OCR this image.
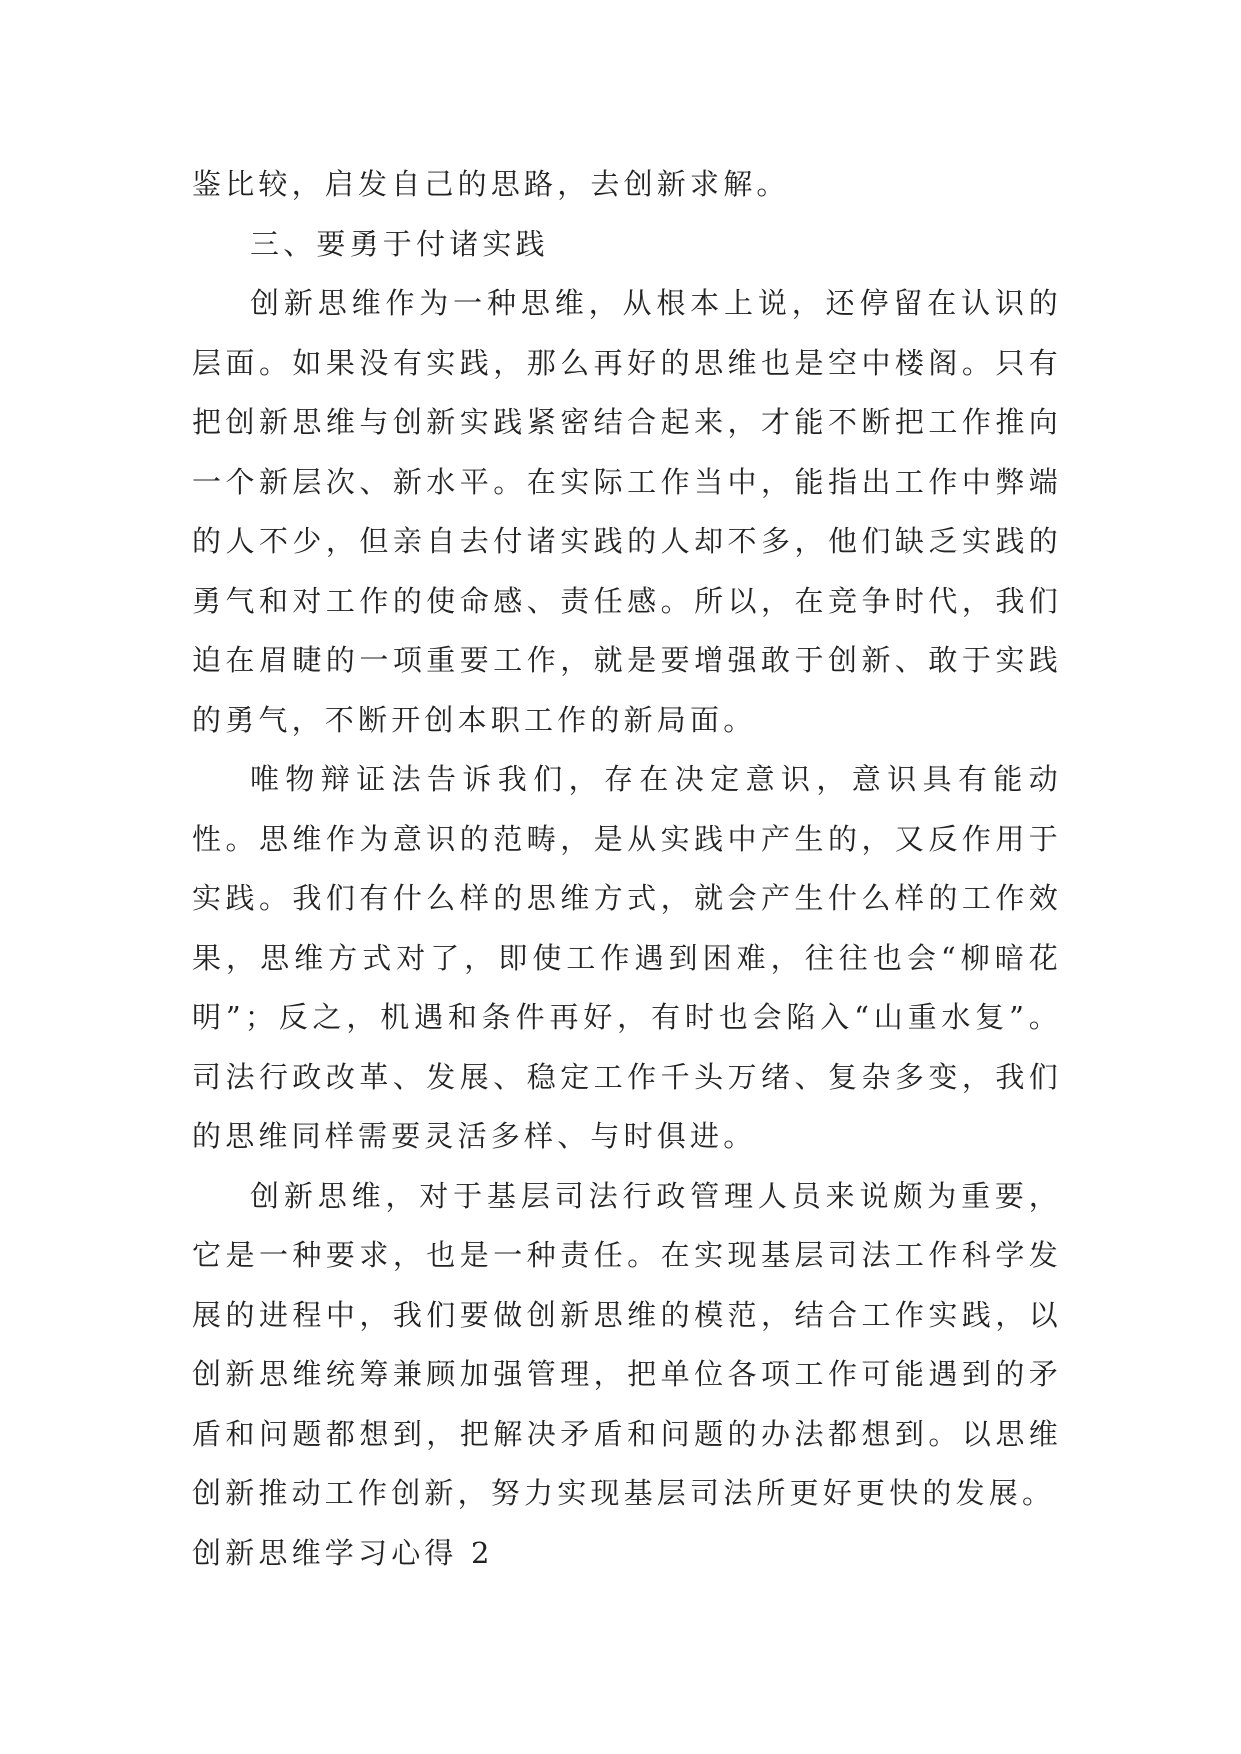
鉴比较，启发自己的思路，去创新求解。

三、要勇于付诸实践

创新思维作为一种思维，从根本上说，还停留在认识的层面。如果没有实践，那么再好的思维也是空中楼阁。只有把创新思维与创新实践紧密结合起来，才能不断把工作推向一个新层次、新水平。在实际工作当中，能指出工作中弊端的人不少，但亲自去付诸实践的人却不多，他们缺乏实践的勇气和对工作的使命感、责任感。所以，在竞争时代，我们迫在眉睫的一项重要工作，就是要增强敢于创新、敢于实践的勇气，不断开创本职工作的新局面。

唯物辩证法告诉我们，存在决定意识，意识具有能动性。思维作为意识的范畴，是从实践中产生的，又反作用于实践。我们有什么样的思维方式，就会产生什么样的工作效果，思维方式对了，即使工作遇到困难，往往也会“柳暗花明”；反之，机遇和条件再好，有时也会陷入“山重水复”。司法行政改革、发展、稳定工作千头万绪、复杂多变，我们的思维同样需要灵活多样、与时俱进。

创新思维，对于基层司法行政管理人员来说颇为重要，它是一种要求，也是一种责任。在实现基层司法工作科学发展的进程中，我们要做创新思维的模范，结合工作实践，以创新思维统筹兼顾加强管理，把单位各项工作可能遇到的矛盾和问题都想到，把解决矛盾和问题的办法都想到。以思维创新推动工作创新，努力实现基层司法所更好更快的发展。

创新思维学习心得 2
